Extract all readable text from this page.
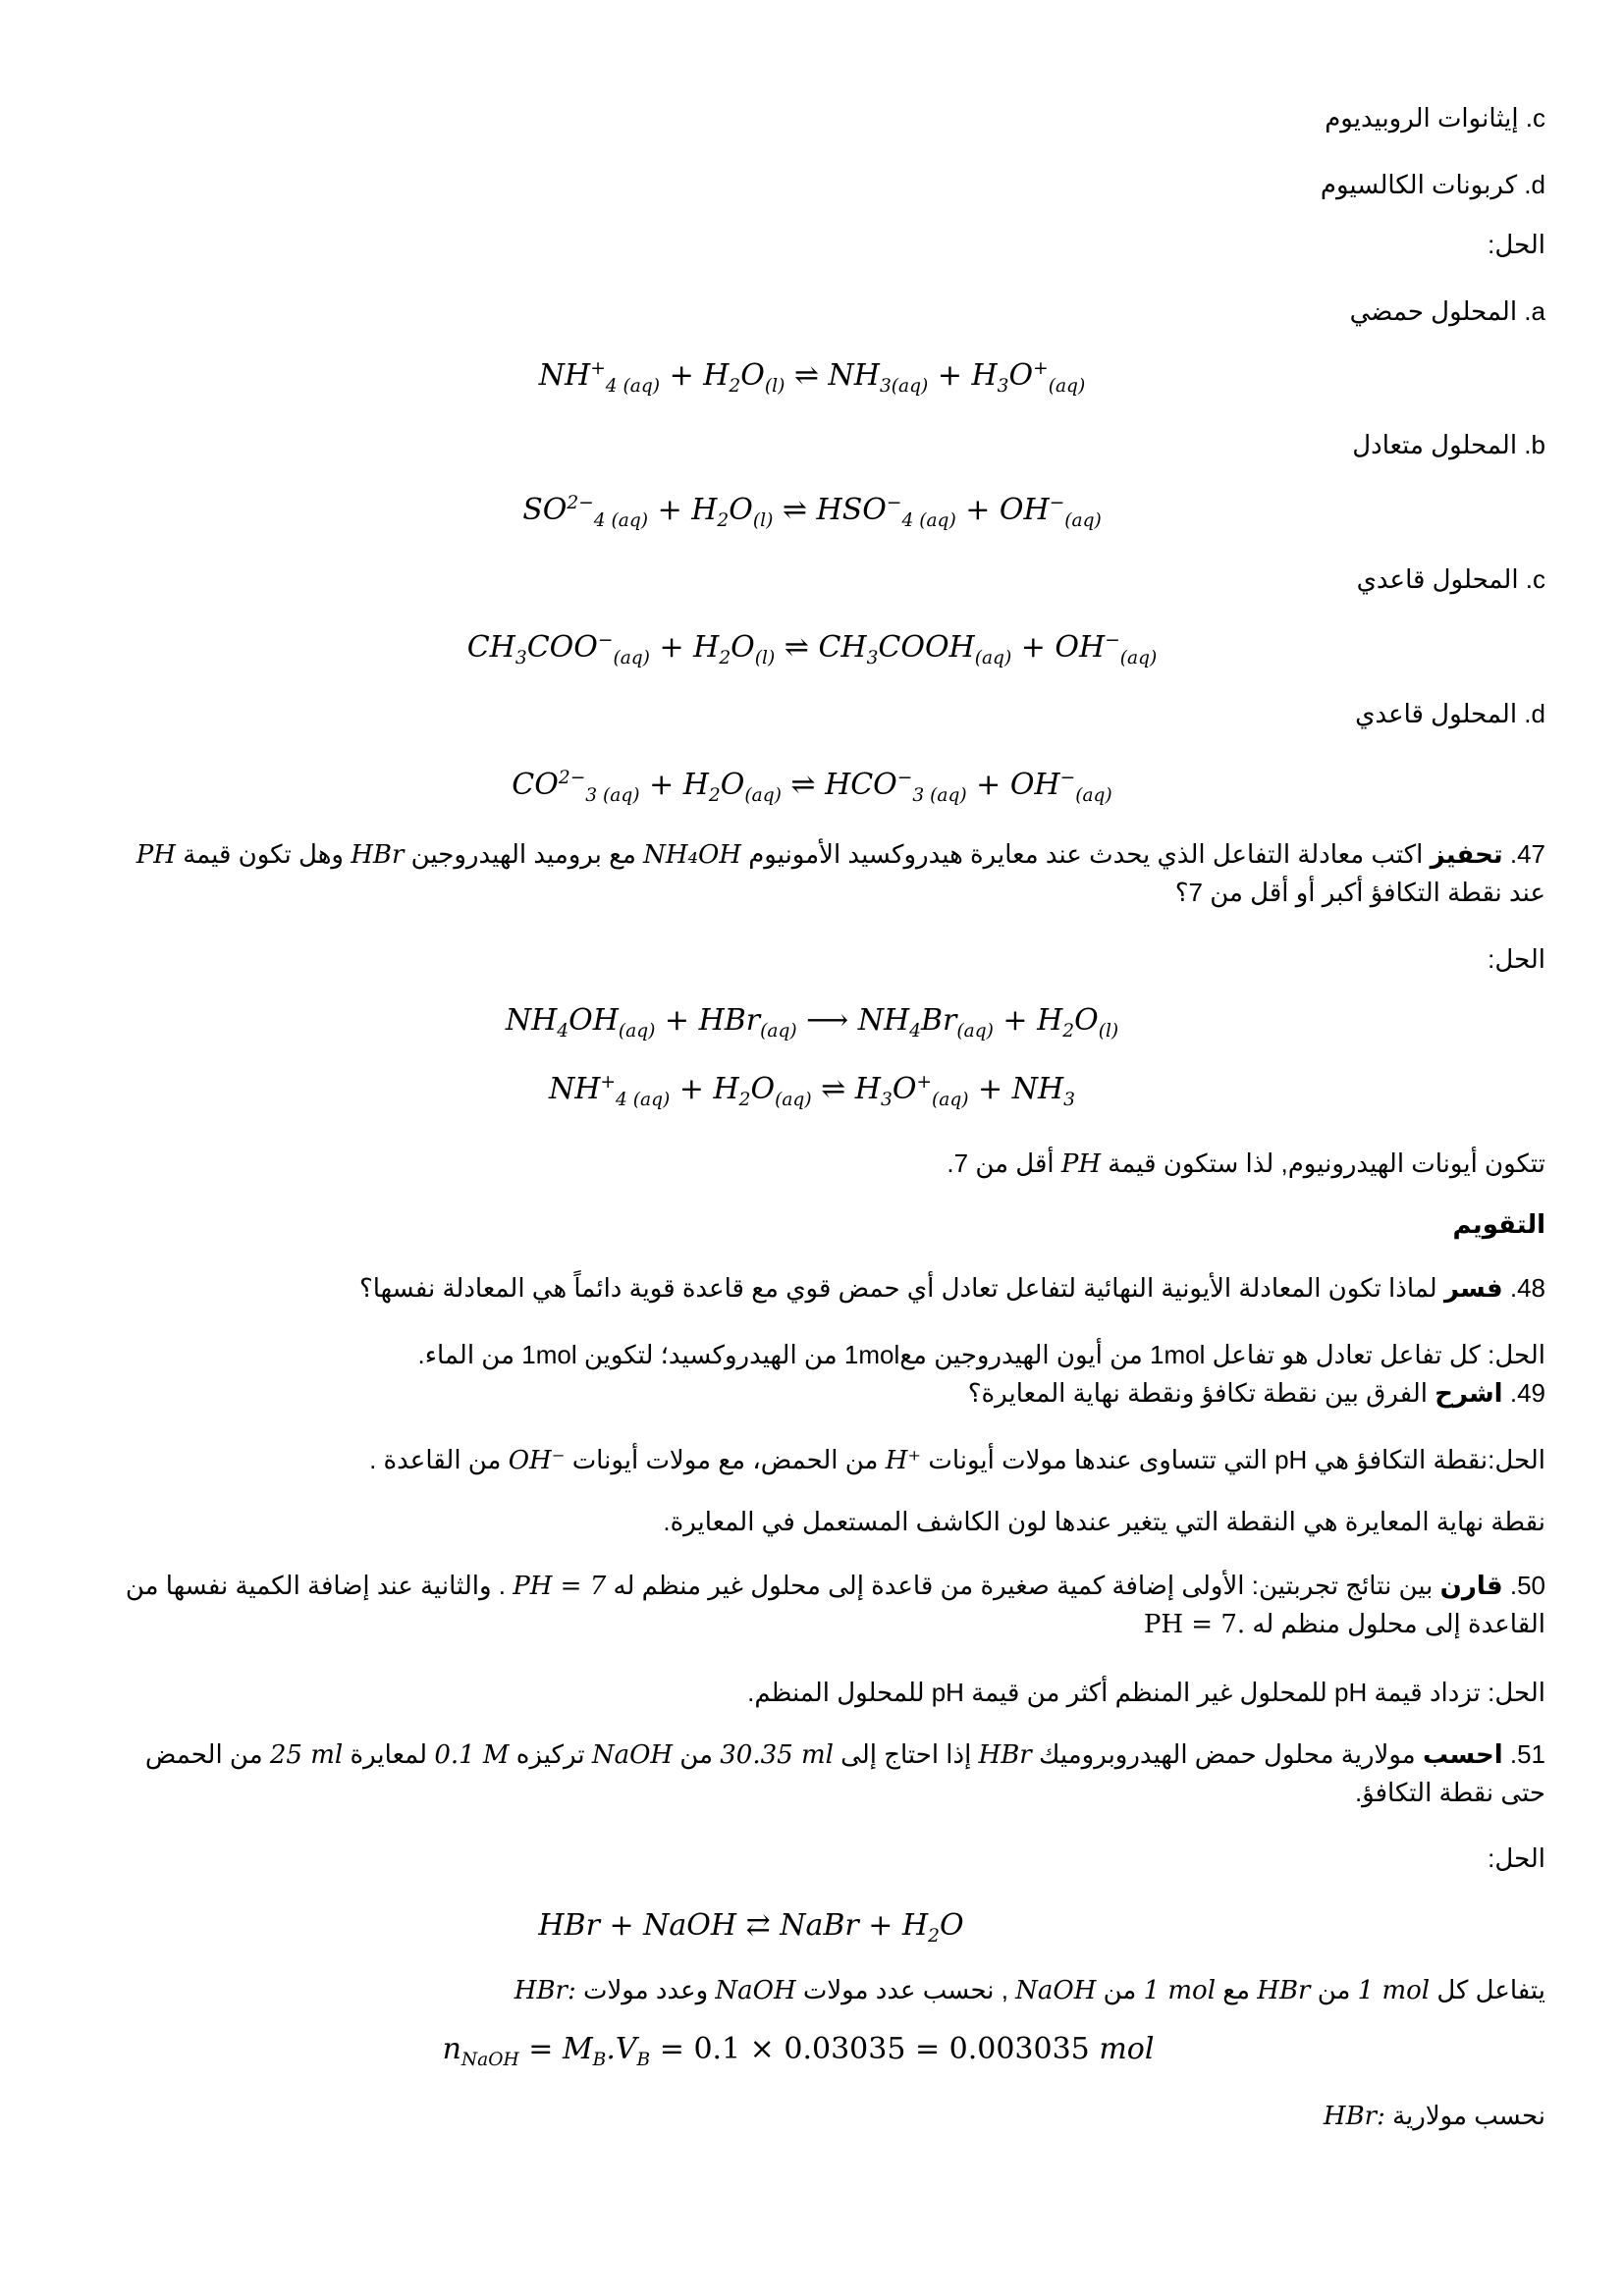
c. إيثانوات الروبيديوم
d. كربونات الكالسيوم
الحل:
a. المحلول حمضي
$NH^+_{4 (aq)} + H_2O_{(l)}$ ⇌ $NH_{3(aq)} + H_3O^+_{(aq)}$
b. المحلول متعادل
$SO^{2-}_{4 (aq)} + H_2O_{(l)}$ ⇌ $HSO^-_{4 (aq)} + OH^-_{(aq)}$
c. المحلول قاعدي
$CH_3COO^-_{(aq)} + H_2O_{(l)}$ ⇌ $CH_3COOH_{(aq)} + OH^-_{(aq)}$
d. المحلول قاعدي
$CO^{2-}_{3 (aq)} + H_2O_{(aq)}$ ⇌ $HCO^-_{3 (aq)} + OH^-_{(aq)}$
47. تحفيز اكتب معادلة التفاعل الذي يحدث عند معايرة هيدروكسيد الأمونيوم NH₄OH مع بروميد الهيدروجين HBr وهل تكون قيمة PH عند نقطة التكافؤ أكبر أو أقل من 7؟
الحل:
$NH_4OH_{(aq)} + HBr_{(aq)}$ ⟶ $NH_4Br_{(aq)} + H_2O_{(l)}$
$NH^+_{4 (aq)} + H_2O_{(aq)}$ ⇌ $H_3O^+_{(aq)} + NH_3$
تتكون أيونات الهيدرونيوم, لذا ستكون قيمة PH أقل من 7.
التقويم
48. فسر لماذا تكون المعادلة الأيونية النهائية لتفاعل تعادل أي حمض قوي مع قاعدة قوية دائماً هي المعادلة نفسها؟
الحل: كل تفاعل تعادل هو تفاعل 1mol من أيون الهيدروجين مع1mol من الهيدروكسيد؛ لتكوين 1mol من الماء.
49. اشرح الفرق بين نقطة تكافؤ ونقطة نهاية المعايرة؟
الحل:نقطة التكافؤ هي pH التي تتساوى عندها مولات أيونات H⁺ من الحمض، مع مولات أيونات OH⁻ من القاعدة .
نقطة نهاية المعايرة هي النقطة التي يتغير عندها لون الكاشف المستعمل في المعايرة.
50. قارن بين نتائج تجربتين: الأولى إضافة كمية صغيرة من قاعدة إلى محلول غير منظم له PH = 7 . والثانية عند إضافة الكمية نفسها من القاعدة إلى محلول منظم له PH = 7.
الحل: تزداد قيمة pH للمحلول غير المنظم أكثر من قيمة pH للمحلول المنظم.
51. احسب مولارية محلول حمض الهيدروبروميك HBr إذا احتاج إلى 30.35 ml من NaOH تركيزه 0.1 M لمعايرة 25 ml من الحمض حتى نقطة التكافؤ.
الحل:
HBr + NaOH ⇄ NaBr + $H_2O$
يتفاعل كل 1 mol من HBr مع 1 mol من NaOH , نحسب عدد مولات NaOH وعدد مولات HBr:
$n_{NaOH} = M_B.V_B = 0.1 \times 0.03035 = 0.003035$ mol
نحسب مولارية HBr:
